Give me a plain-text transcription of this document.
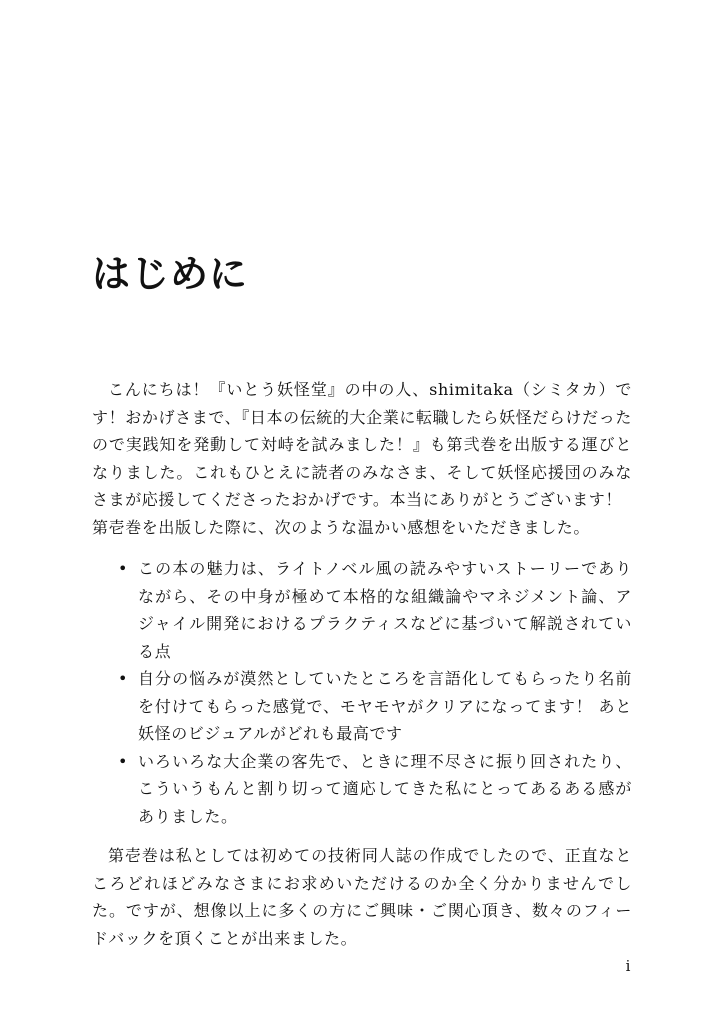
はじめに

こんにちは！『いとう妖怪堂』の中の人、shimitaka（シミタカ）です！おかげさまで、『日本の伝統的大企業に転職したら妖怪だらけだったので実践知を発動して対峙を試みました！』も第弐巻を出版する運びとなりました。これもひとえに読者のみなさま、そして妖怪応援団のみなさまが応援してくださったおかげです。本当にありがとうございます！

第壱巻を出版した際に、次のような温かい感想をいただきました。

• この本の魅力は、ライトノベル風の読みやすいストーリーでありながら、その中身が極めて本格的な組織論やマネジメント論、アジャイル開発におけるプラクティスなどに基づいて解説されている点
• 自分の悩みが漠然としていたところを言語化してもらったり名前を付けてもらった感覚で、モヤモヤがクリアになってます！ あと妖怪のビジュアルがどれも最高です
• いろいろな大企業の客先で、ときに理不尽さに振り回されたり、こういうもんと割り切って適応してきた私にとってあるある感がありました。

第壱巻は私としては初めての技術同人誌の作成でしたので、正直なところどれほどみなさまにお求めいただけるのか全く分かりませんでした。ですが、想像以上に多くの方にご興味・ご関心頂き、数々のフィードバックを頂くことが出来ました。

i
